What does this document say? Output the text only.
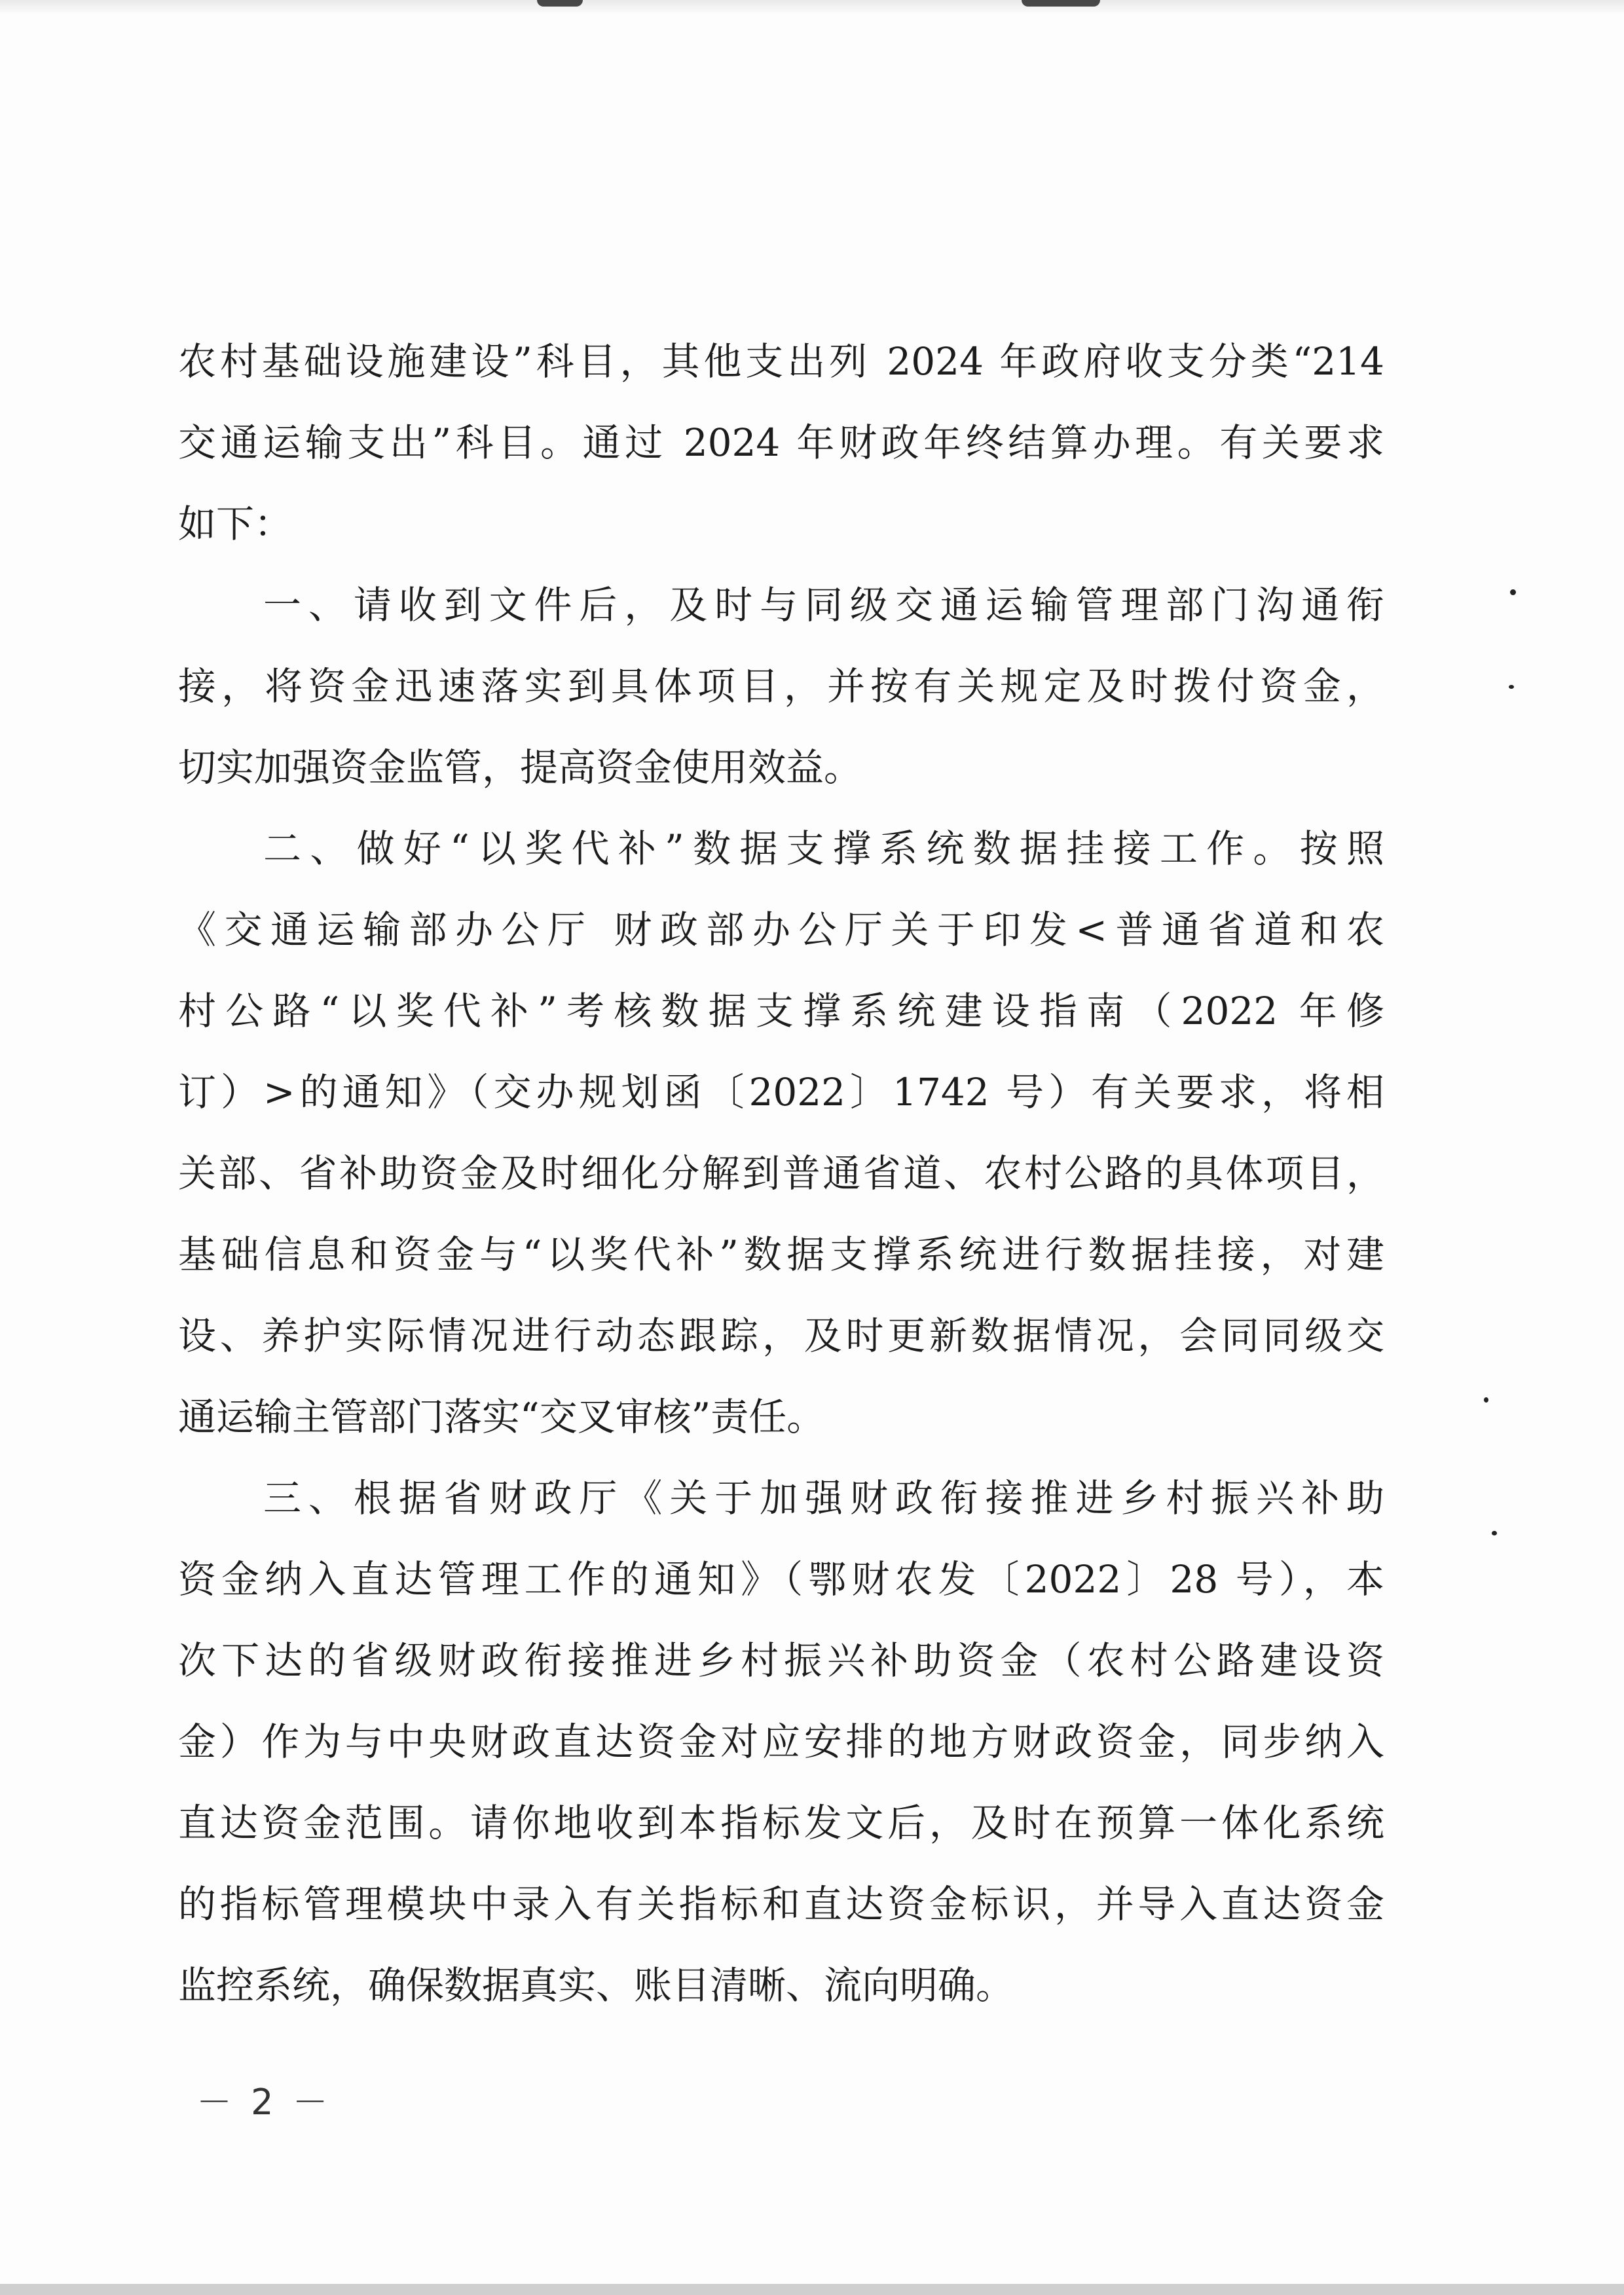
农村基础设施建设”科目，其他支出列 2024 年政府收支分类“214
交通运输支出”科目。通过 2024 年财政年终结算办理。有关要求
如下：
一、请收到文件后，及时与同级交通运输管理部门沟通衔
接，将资金迅速落实到具体项目，并按有关规定及时拨付资金，
切实加强资金监管，提高资金使用效益。
二、做好“以奖代补”数据支撑系统数据挂接工作。按照
《交通运输部办公厅 财政部办公厅关于印发<普通省道和农
村公路“以奖代补”考核数据支撑系统建设指南（2022 年修
订）>的通知》（交办规划函〔2022〕1742 号）有关要求，将相
关部、省补助资金及时细化分解到普通省道、农村公路的具体项目，
基础信息和资金与“以奖代补”数据支撑系统进行数据挂接，对建
设、养护实际情况进行动态跟踪，及时更新数据情况，会同同级交
通运输主管部门落实“交叉审核”责任。
三、根据省财政厅《关于加强财政衔接推进乡村振兴补助
资金纳入直达管理工作的通知》（鄂财农发〔2022〕28 号），本
次下达的省级财政衔接推进乡村振兴补助资金（农村公路建设资
金）作为与中央财政直达资金对应安排的地方财政资金，同步纳入
直达资金范围。请你地收到本指标发文后，及时在预算一体化系统
的指标管理模块中录入有关指标和直达资金标识，并导入直达资金
监控系统，确保数据真实、账目清晰、流向明确。
－ 2 －
